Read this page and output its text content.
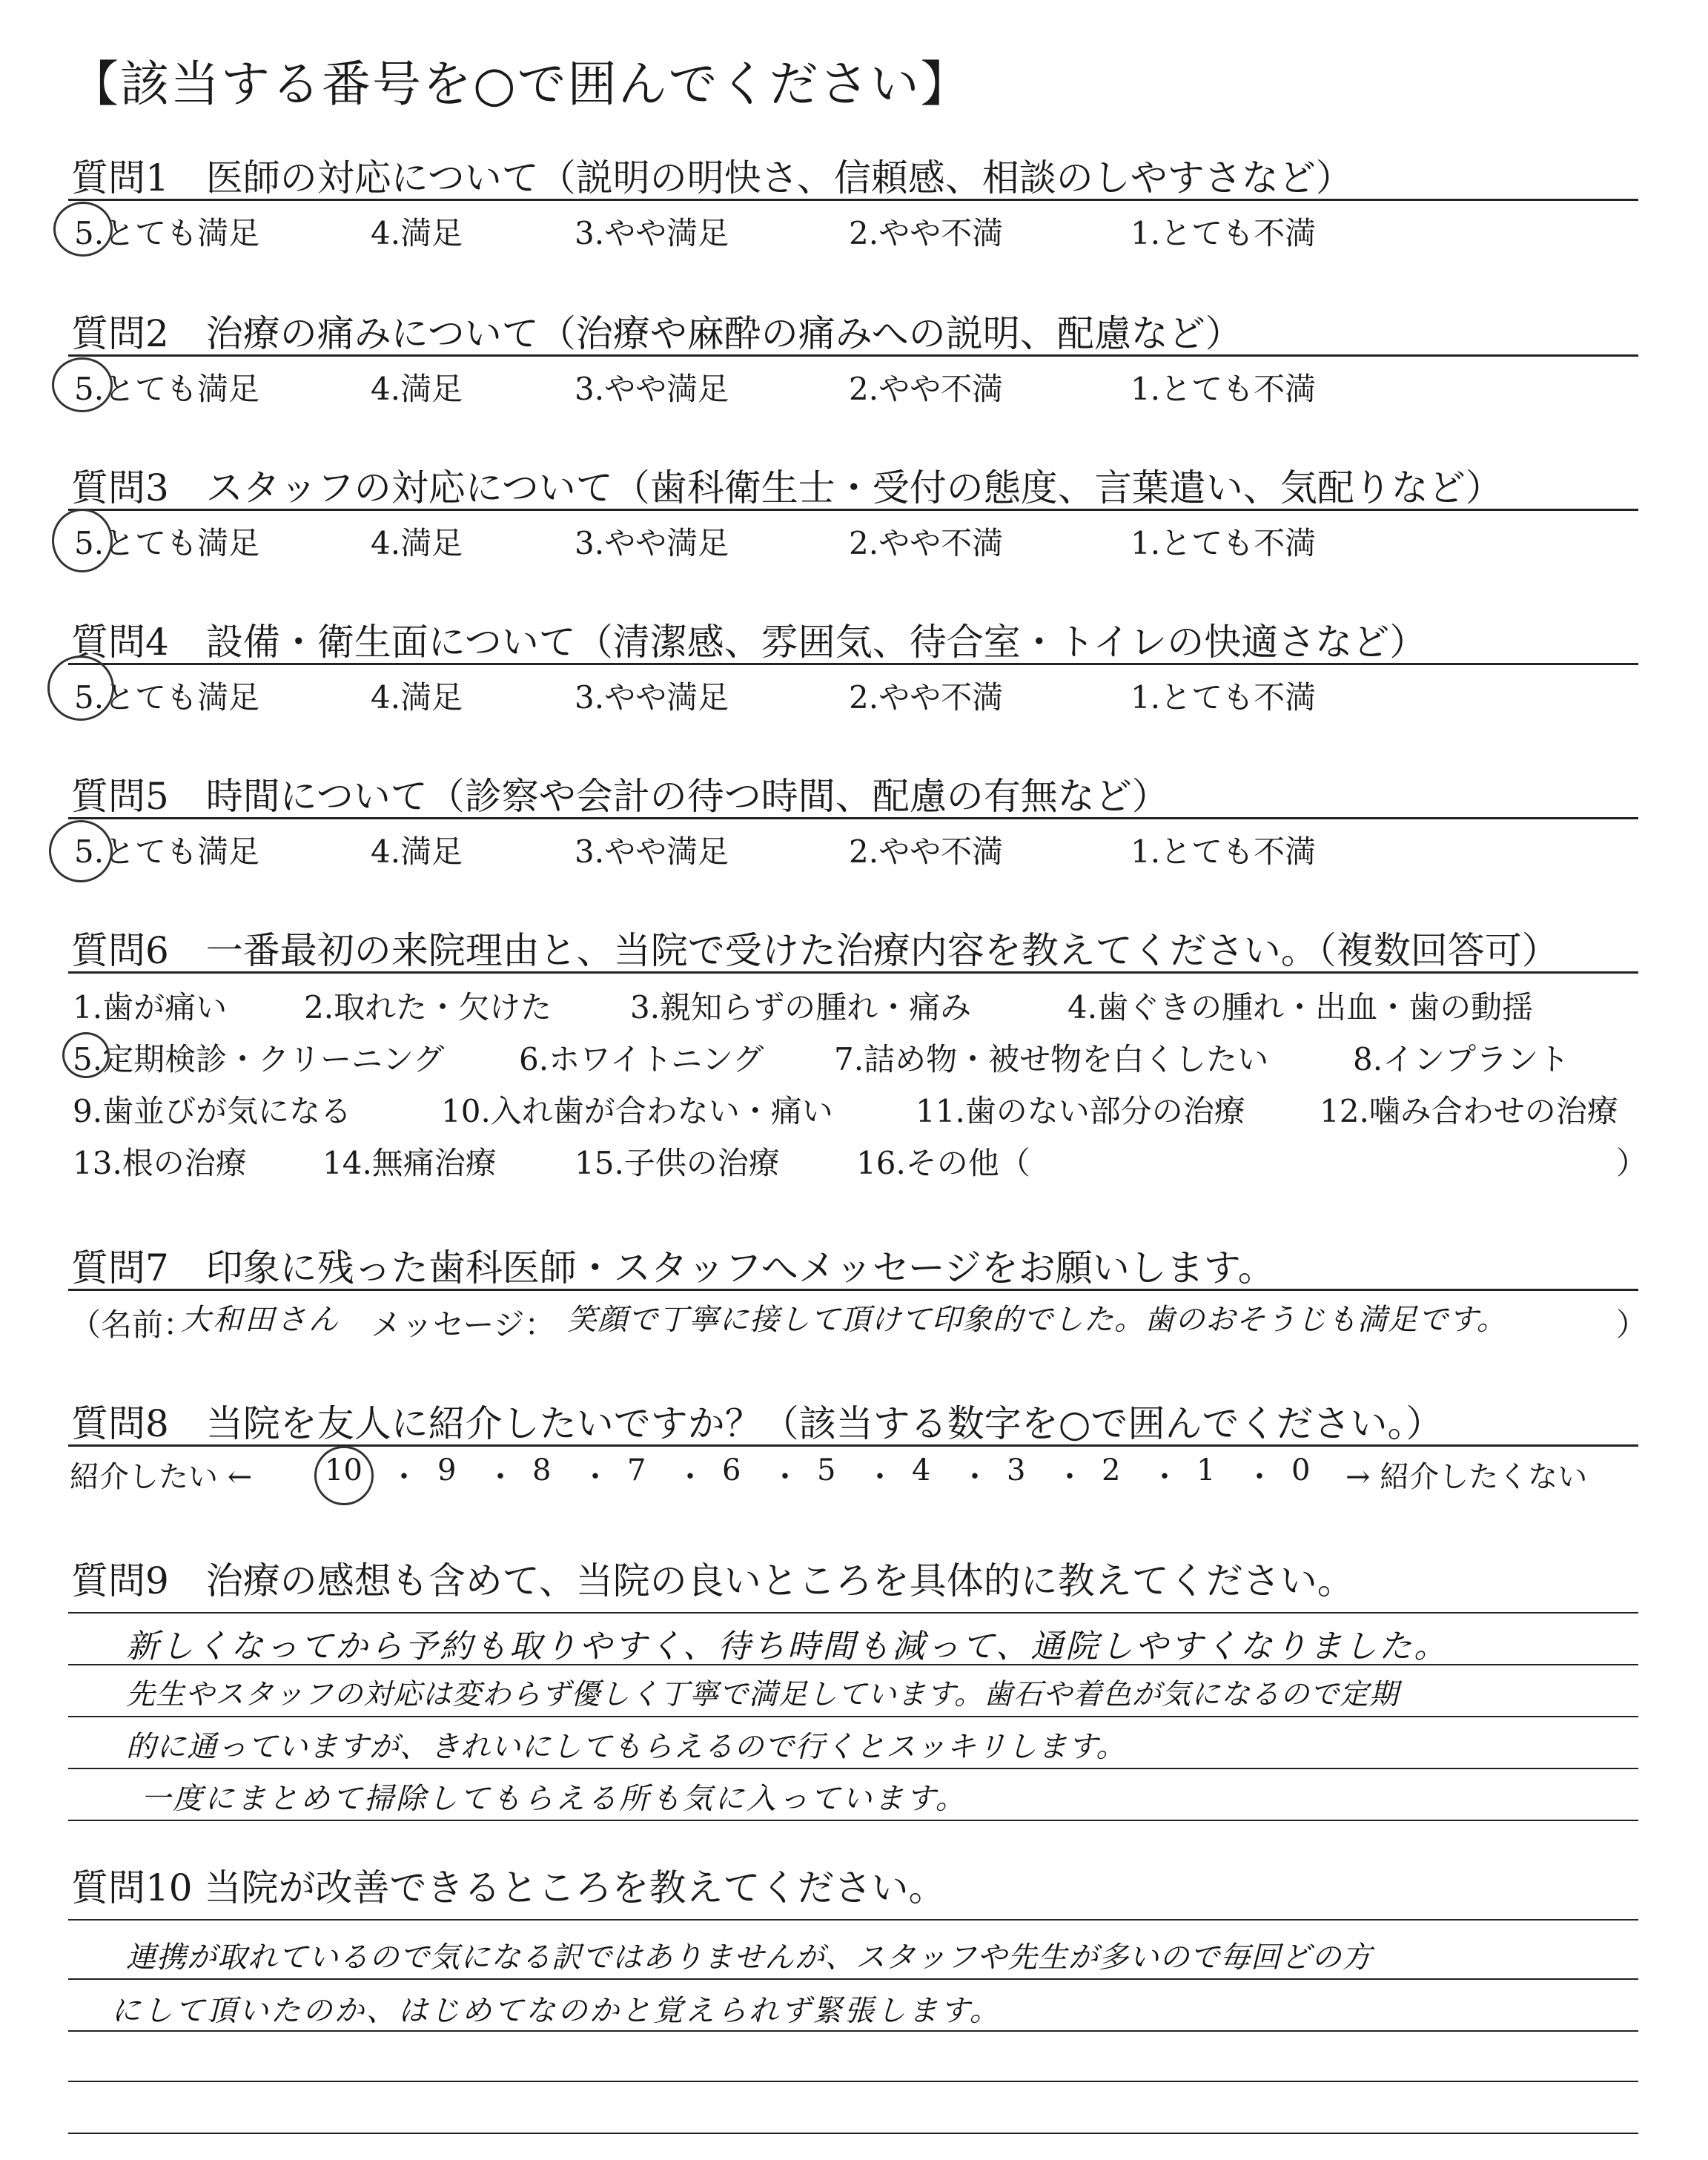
【該当する番号を○で囲んでください】
質問1　医師の対応について（説明の明快さ、信頼感、相談のしやすさなど）
5.とても満足	4.満足	3.やや満足	2.やや不満	1.とても不満
質問2　治療の痛みについて（治療や麻酔の痛みへの説明、配慮など）
5.とても満足	4.満足	3.やや満足	2.やや不満	1.とても不満
質問3　スタッフの対応について（歯科衛生士・受付の態度、言葉遣い、気配りなど）
5.とても満足	4.満足	3.やや満足	2.やや不満	1.とても不満
質問4　設備・衛生面について（清潔感、雰囲気、待合室・トイレの快適さなど）
5.とても満足	4.満足	3.やや満足	2.やや不満	1.とても不満
質問5　時間について（診察や会計の待つ時間、配慮の有無など）
5.とても満足	4.満足	3.やや満足	2.やや不満	1.とても不満
質問6　一番最初の来院理由と、当院で受けた治療内容を教えてください。（複数回答可）
1.歯が痛い 2.取れた・欠けた	3.親知らずの腫れ・痛み	4.歯ぐきの腫れ・出血・歯の動揺
5.定期検診・クリーニング 6.ホワイトニング 7.詰め物・被せ物を白くしたい	8.インプラント
9.歯並びが気になる	10.入れ歯が合わない・痛い	11.歯のない部分の治療 12.噛み合わせの治療
13.根の治療 14.無痛治療	15.子供の治療 16.その他（	）
質問7　印象に残った歯科医師・スタッフへメッセージをお願いします。
（名前：
大和田さん メッセージ： 笑顔で丁寧に接して頂けて印象的でした。歯のおそうじも満足です。	）
質問8　当院を友人に紹介したいですか？（該当する数字を○で囲んでください。）
紹介したい ← 10 ・ 9 ・ 8 ・ 7 ・ 6 ・ 5 ・ 4 ・ 3 ・ 2 ・ 1 ・ 0 → 紹介したくない
質問9　治療の感想も含めて、当院の良いところを具体的に教えてください。
新しくなってから予約も取りやすく、待ち時間も減って、通院しやすくなりました。
先生やスタッフの対応は変わらず優しく丁寧で満足しています。歯石や着色が気になるので定期
的に通っていますが、きれいにしてもらえるので行くとスッキリします。
一度にまとめて掃除してもらえる所も気に入っています。
質問10 当院が改善できるところを教えてください。
連携が取れているので気になる訳ではありませんが、スタッフや先生が多いので毎回どの方
にして頂いたのか、はじめてなのかと覚えられず緊張します。
